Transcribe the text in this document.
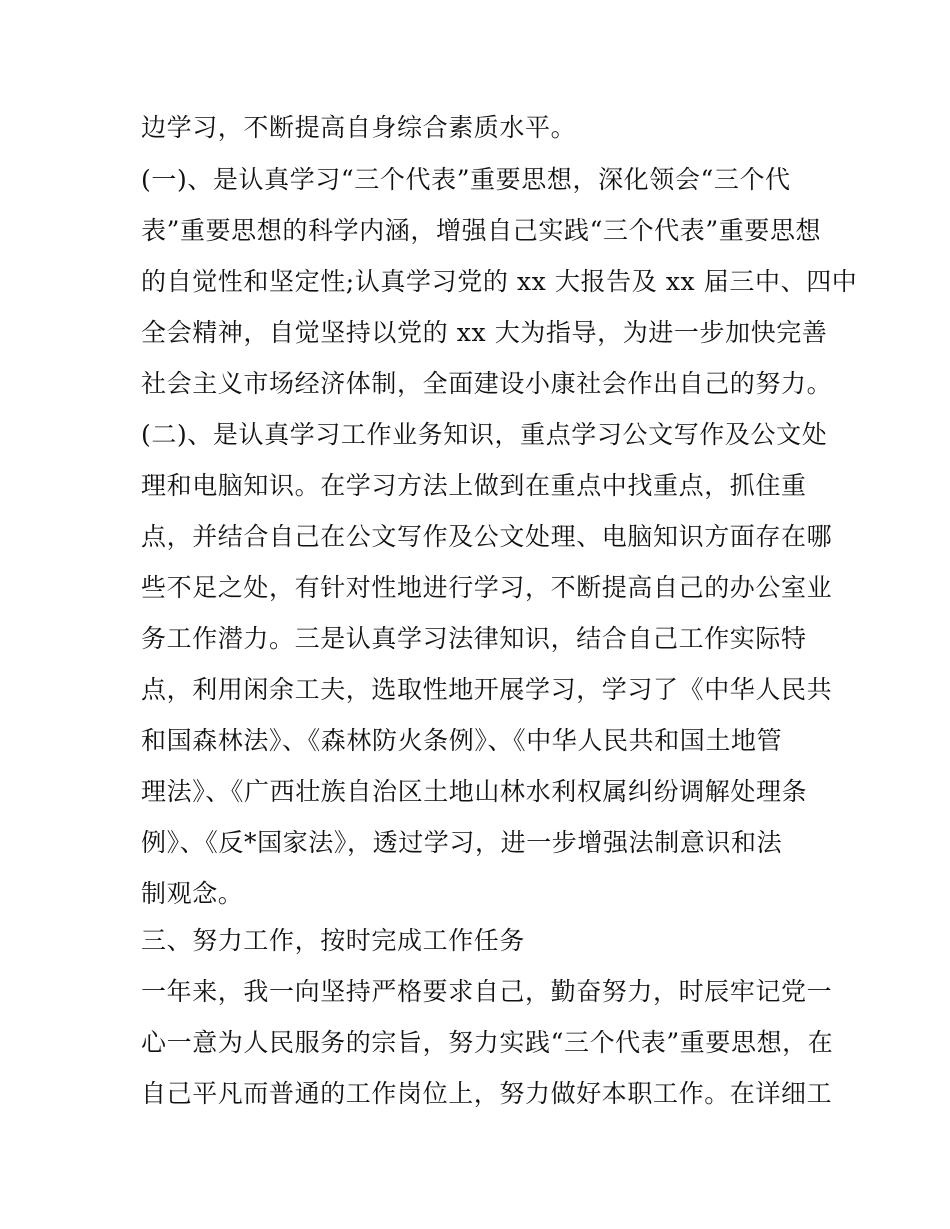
边学习，不断提高自身综合素质水平。
(一)、是认真学习“三个代表”重要思想，深化领会“三个代
表”重要思想的科学内涵，增强自己实践“三个代表”重要思想
的自觉性和坚定性;认真学习党的 xx 大报告及 xx 届三中、四中
全会精神，自觉坚持以党的 xx 大为指导，为进一步加快完善
社会主义市场经济体制，全面建设小康社会作出自己的努力。
(二)、是认真学习工作业务知识，重点学习公文写作及公文处
理和电脑知识。在学习方法上做到在重点中找重点，抓住重
点，并结合自己在公文写作及公文处理、电脑知识方面存在哪
些不足之处，有针对性地进行学习，不断提高自己的办公室业
务工作潜力。三是认真学习法律知识，结合自己工作实际特
点，利用闲余工夫，选取性地开展学习，学习了《中华人民共
和国森林法》、《森林防火条例》、《中华人民共和国土地管
理法》、《广西壮族自治区土地山林水利权属纠纷调解处理条
例》、《反*国家法》，透过学习，进一步增强法制意识和法
制观念。
三、努力工作，按时完成工作任务
一年来，我一向坚持严格要求自己，勤奋努力，时辰牢记党一
心一意为人民服务的宗旨，努力实践“三个代表”重要思想，在
自己平凡而普通的工作岗位上，努力做好本职工作。在详细工
